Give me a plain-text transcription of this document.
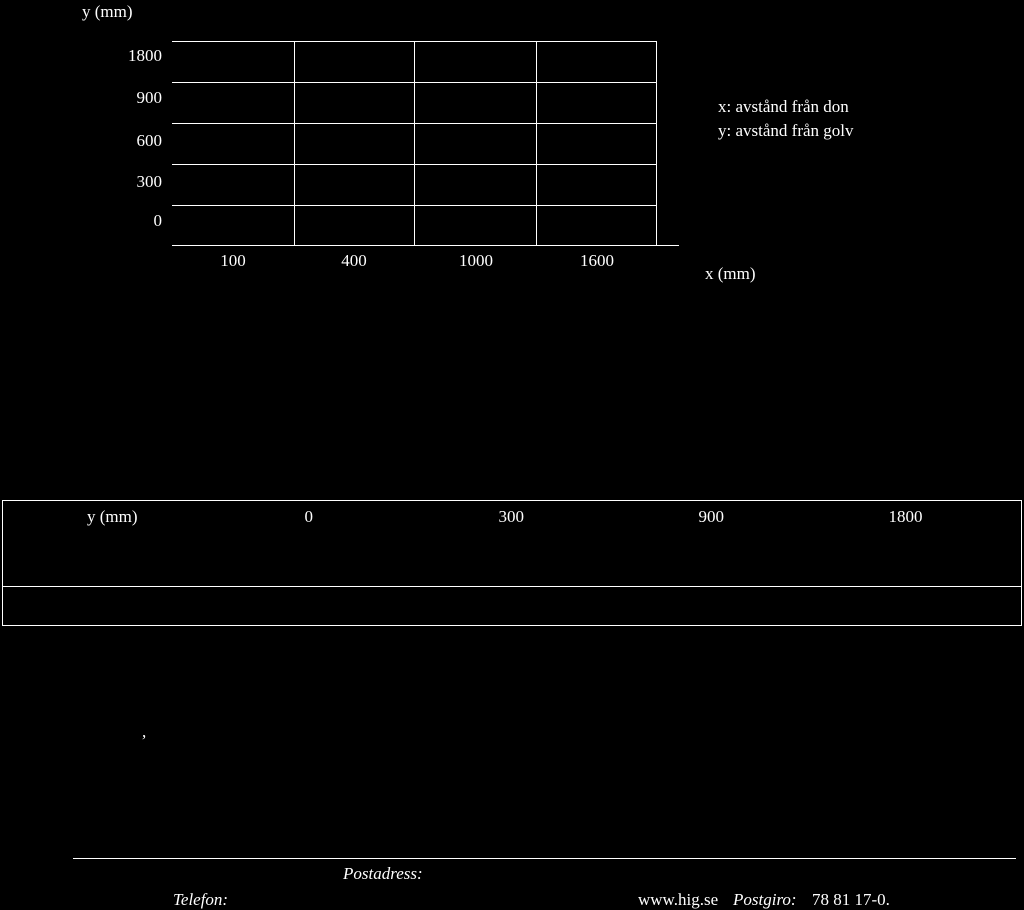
y (mm)
1800
900
600
300
0
100	400	1000	1600
x (mm)
x: avstånd från don
y: avstånd från golv
y (mm)	0	300	900	1800

,
Postadress:
Telefon:	www.hig.se Postgiro: 78 81 17-0.
